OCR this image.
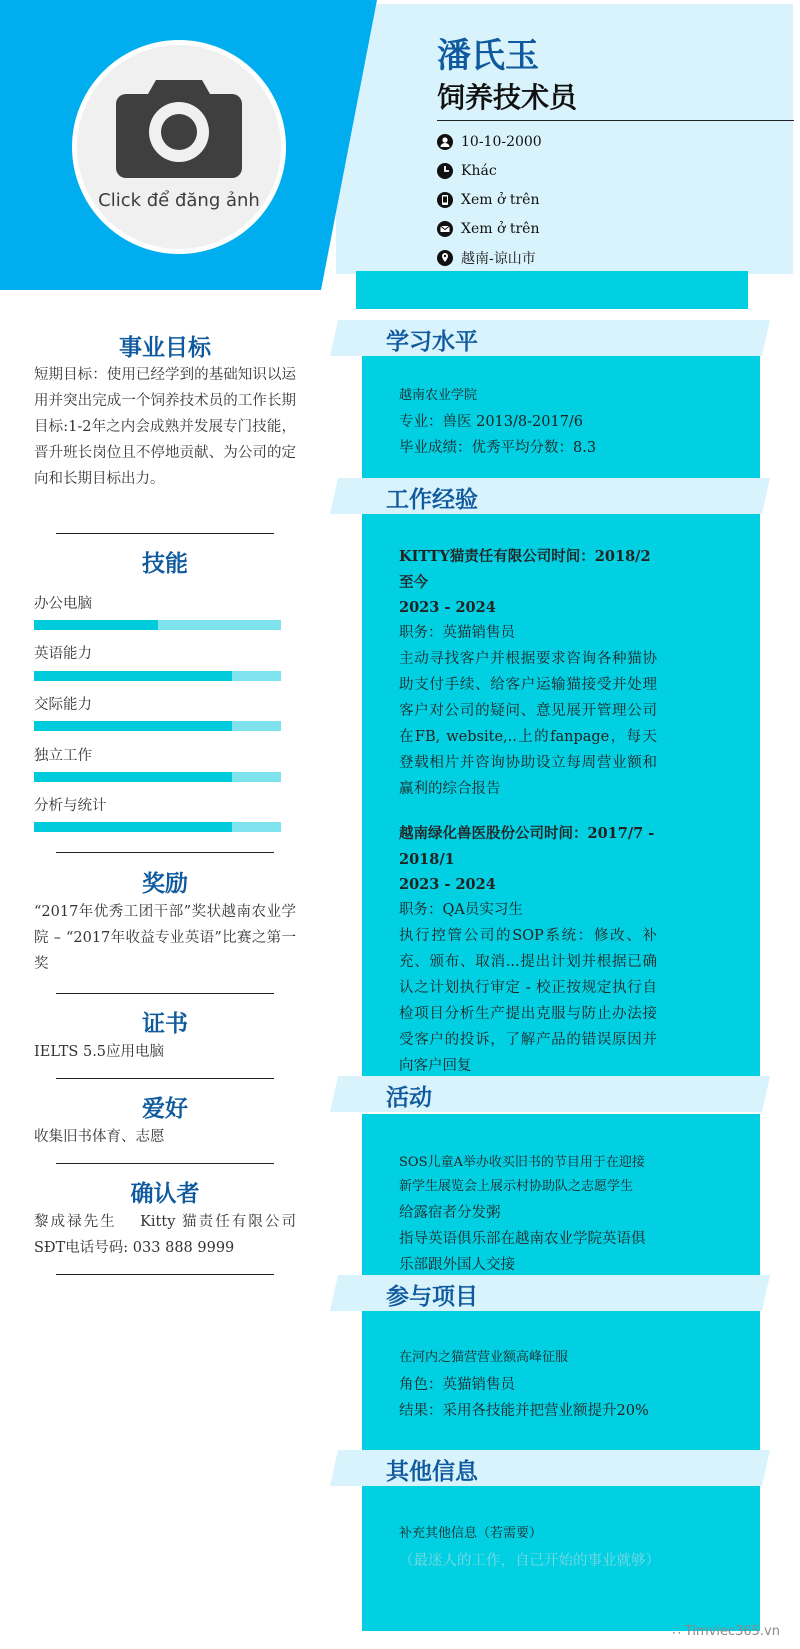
Click để đăng ảnh
潘氏玉
饲养技术员
10-10-2000
Khác
Xem ở trên
Xem ở trên
越南-谅山市
学习水平
工作经验
活动
参与项目
其他信息
越南农业学院
专业：兽医 2013/8-2017/6
毕业成绩：优秀平均分数：8.3
KITTY猫责任有限公司时间：2018/2至今
2023 - 2024
职务：英猫销售员
主动寻找客户并根据要求咨询各种猫协助支付手续、给客户运输猫接受并处理客户对公司的疑问、意见展开管理公司在FB, website,..上的fanpage，每天登载相片并咨询协助设立每周营业额和赢利的综合报告
越南绿化兽医股份公司时间：2017/7 - 2018/1
2023 - 2024
职务：QA员实习生
执行控管公司的SOP系统：修改、补充、颁布、取消...提出计划并根据已确认之计划执行审定 - 校正按规定执行自检项目分析生产提出克服与防止办法接受客户的投诉，了解产品的错误原因并向客户回复
SOS儿童A举办收买旧书的节目用于在迎接新学生展览会上展示村协助队之志愿学生
给露宿者分发粥
指导英语俱乐部在越南农业学院英语俱乐部跟外国人交接
在河内之猫营营业额高峰征服
角色：英猫销售员
结果：采用各技能并把营业额提升20%
补充其他信息（若需要）
（最迷人的工作，自己开始的事业就够）
事业目标
短期目标：使用已经学到的基础知识以运用并突出完成一个饲养技术员的工作长期目标:1-2年之内会成熟并发展专门技能，晋升班长岗位且不停地贡献、为公司的定向和长期目标出力。
技能
办公电脑
英语能力
交际能力
独立工作
分析与统计
奖励
“2017年优秀工团干部”奖状越南农业学院 – “2017年收益专业英语”比赛之第一奖
证书
IELTS 5.5应用电脑
爱好
收集旧书体育、志愿
确认者
黎成禄先生　 Kitty 猫责任有限公司SĐT电话号码: 033 888 9999
∴ Timviec365.vn
